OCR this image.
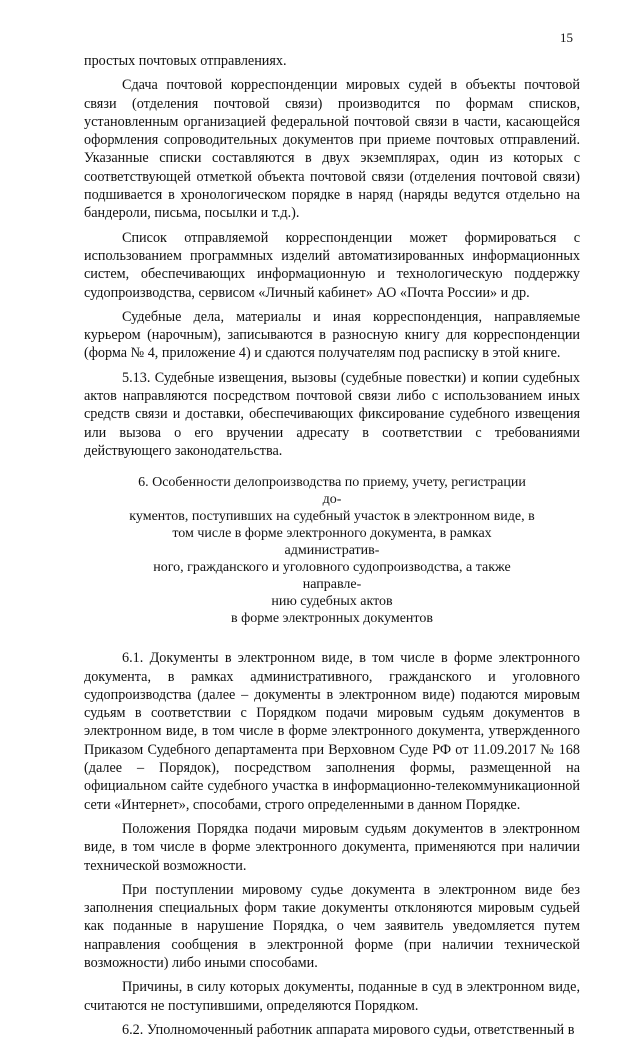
15

простых почтовых отправлениях.

Сдача почтовой корреспонденции мировых судей в объекты почтовой связи (отделения почтовой связи) производится по формам списков, установленным организацией федеральной почтовой связи в части, касающейся оформления сопроводительных документов при приеме почтовых отправлений. Указанные списки составляются в двух экземплярах, один из которых с соответствующей отметкой объекта почтовой связи (отделения почтовой связи) подшивается в хронологическом порядке в наряд (наряды ведутся отдельно на бандероли, письма, посылки и т.д.).

Список отправляемой корреспонденции может формироваться с использованием программных изделий автоматизированных информационных систем, обеспечивающих информационную и технологическую поддержку судопроизводства, сервисом «Личный кабинет» АО «Почта России» и др.

Судебные дела, материалы и иная корреспонденция, направляемые курьером (нарочным), записываются в разносную книгу для корреспонденции (форма № 4, приложение 4) и сдаются получателям под расписку в этой книге.

5.13. Судебные извещения, вызовы (судебные повестки) и копии судебных актов направляются посредством почтовой связи либо с использованием иных средств связи и доставки, обеспечивающих фиксирование судебного извещения или вызова о его вручении адресату в соответствии с требованиями действующего законодательства.

6. Особенности делопроизводства по приему, учету, регистрации до-
кументов, поступивших на судебный участок в электронном виде, в
том числе в форме электронного документа, в рамках административ-
ного, гражданского и уголовного судопроизводства, а также направле-
нию судебных актов
в форме электронных документов

6.1. Документы в электронном виде, в том числе в форме электронного документа, в рамках административного, гражданского и уголовного судопроизводства (далее – документы в электронном виде) подаются мировым судьям в соответствии с Порядком подачи мировым судьям документов в электронном виде, в том числе в форме электронного документа, утвержденного Приказом Судебного департамента при Верховном Суде РФ от 11.09.2017 № 168 (далее – Порядок), посредством заполнения формы, размещенной на официальном сайте судебного участка в информационно-телекоммуникационной сети «Интернет», способами, строго определенными в данном Порядке.

Положения Порядка подачи мировым судьям документов в электронном виде, в том числе в форме электронного документа, применяются при наличии технической возможности.

При поступлении мировому судье документа в электронном виде без заполнения специальных форм такие документы отклоняются мировым судьей как поданные в нарушение Порядка, о чем заявитель уведомляется путем направления сообщения в электронной форме (при наличии технической возможности) либо иными способами.

Причины, в силу которых документы, поданные в суд в электронном виде, считаются не поступившими, определяются Порядком.

6.2. Уполномоченный работник аппарата мирового судьи, ответственный в
